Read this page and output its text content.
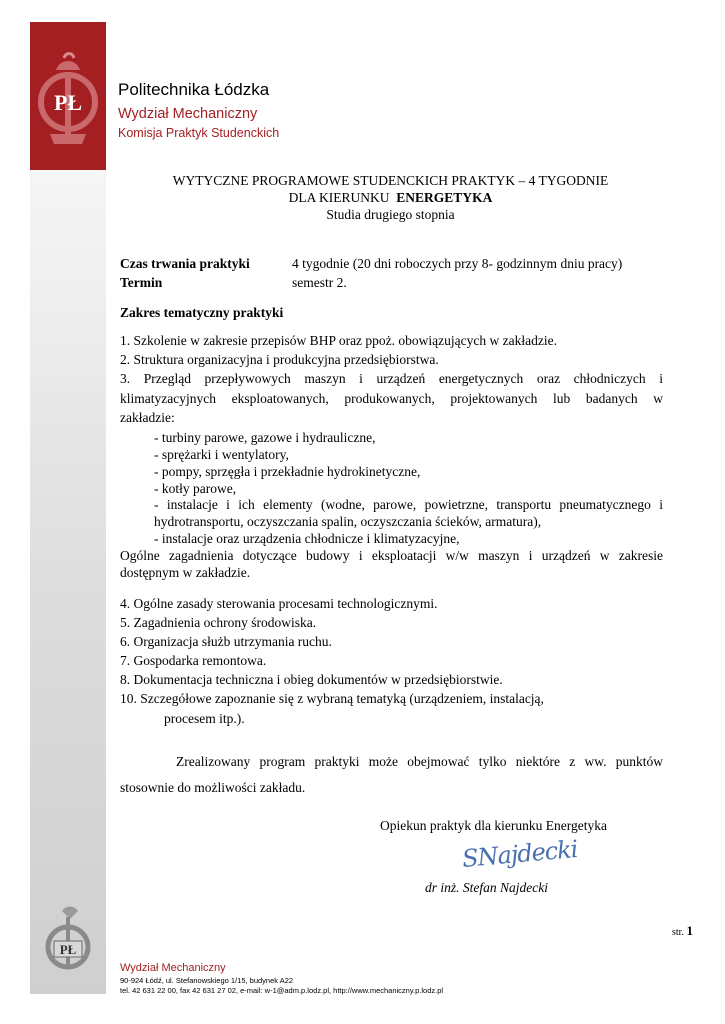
PŁ
Politechnika Łódzka
Wydział Mechaniczny
Komisja Praktyk Studenckich
WYTYCZNE PROGRAMOWE STUDENCKICH PRAKTYK – 4 TYGODNIE
DLA KIERUNKU ENERGETYKA
Studia drugiego stopnia
Czas trwania praktyki	4 tygodnie (20 dni roboczych przy 8- godzinnym dniu pracy)
Termin	semestr 2.
Zakres tematyczny praktyki
1. Szkolenie w zakresie przepisów BHP oraz ppoż. obowiązujących w zakładzie.
2. Struktura organizacyjna i produkcyjna przedsiębiorstwa.
3. Przegląd przepływowych maszyn i urządzeń energetycznych oraz chłodniczych i
klimatyzacyjnych eksploatowanych, produkowanych, projektowanych lub badanych w
zakładzie:
- turbiny parowe, gazowe i hydrauliczne,
- sprężarki i wentylatory,
- pompy, sprzęgła i przekładnie hydrokinetyczne,
- kotły parowe,
- instalacje i ich elementy (wodne, parowe, powietrzne, transportu pneumatycznego i
hydrotransportu, oczyszczania spalin, oczyszczania ścieków, armatura),
- instalacje oraz urządzenia chłodnicze i klimatyzacyjne,
Ogólne zagadnienia dotyczące budowy i eksploatacji w/w maszyn i urządzeń w zakresie
dostępnym w zakładzie.
4. Ogólne zasady sterowania procesami technologicznymi.
5. Zagadnienia ochrony środowiska.
6. Organizacja służb utrzymania ruchu.
7. Gospodarka remontowa.
8. Dokumentacja techniczna i obieg dokumentów w przedsiębiorstwie.
10. Szczegółowe zapoznanie się z wybraną tematyką (urządzeniem, instalacją,
procesem itp.).
Zrealizowany program praktyki może obejmować tylko niektóre z ww. punktów
stosownie do możliwości zakładu.
Opiekun praktyk dla kierunku Energetyka
SNajdecki
dr inż. Stefan Najdecki
str. 1
PŁ
Wydział Mechaniczny
90-924 Łódź, ul. Stefanowskiego 1/15, budynek A22
tel. 42 631 22 00, fax 42 631 27 02, e-mail: w-1@adm.p.lodz.pl, http://www.mechaniczny.p.lodz.pl
